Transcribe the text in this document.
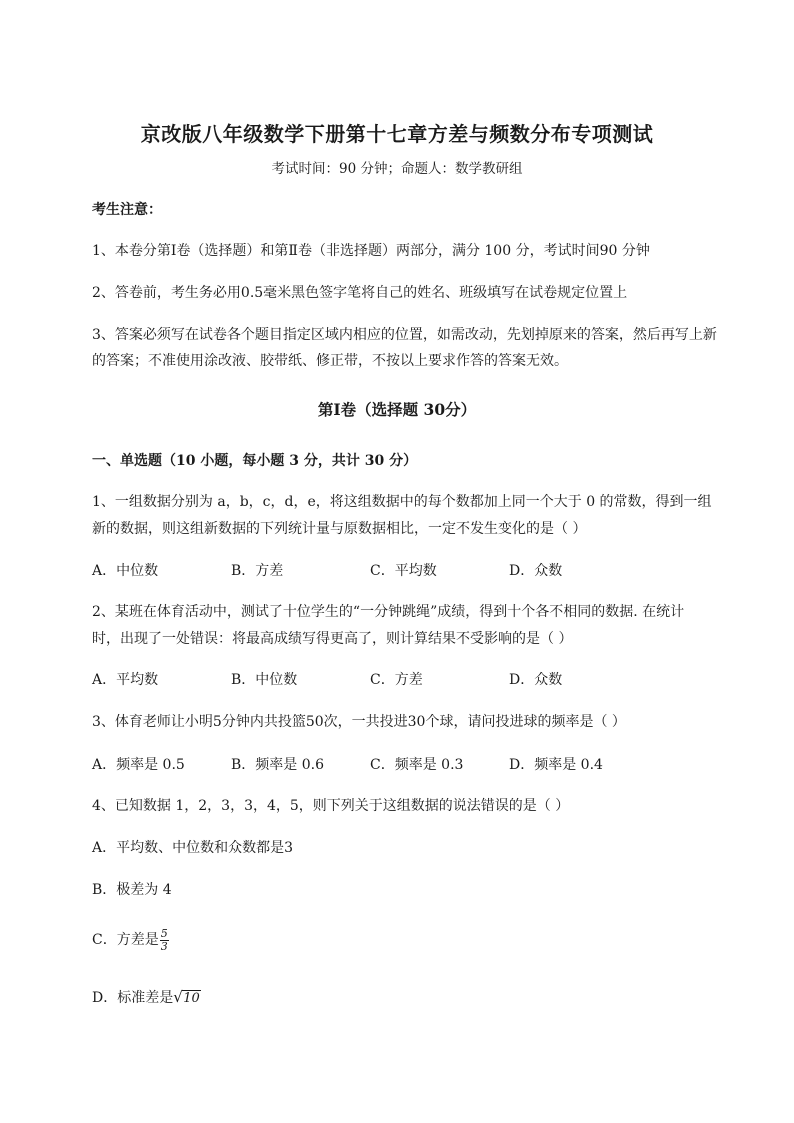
京改版八年级数学下册第十七章方差与频数分布专项测试
考试时间：90 分钟；命题人：数学教研组
考生注意：
1、本卷分第Ⅰ卷（选择题）和第Ⅱ卷（非选择题）两部分，满分 100 分，考试时间90 分钟
2、答卷前，考生务必用0.5毫米黑色签字笔将自己的姓名、班级填写在试卷规定位置上
3、答案必须写在试卷各个题目指定区域内相应的位置，如需改动，先划掉原来的答案，然后再写上新
的答案；不准使用涂改液、胶带纸、修正带，不按以上要求作答的答案无效。
第Ⅰ卷（选择题 30分）
一、单选题（10 小题，每小题 3 分，共计 30 分）
1、一组数据分别为 a，b，c，d，e，将这组数据中的每个数都加上同一个大于 0 的常数，得到一组
新的数据，则这组新数据的下列统计量与原数据相比，一定不发生变化的是（ ）
A．中位数	B．方差	C．平均数	D．众数
2、某班在体育活动中，测试了十位学生的“一分钟跳绳”成绩，得到十个各不相同的数据. 在统计
时，出现了一处错误：将最高成绩写得更高了，则计算结果不受影响的是（ ）
A．平均数	B．中位数	C．方差	D．众数
3、体育老师让小明5分钟内共投篮50次，一共投进30个球，请问投进球的频率是（ ）
A．频率是 0.5	B．频率是 0.6	C．频率是 0.3	D．频率是 0.4
4、已知数据 1，2，3，3，4，5，则下列关于这组数据的说法错误的是（ ）
A．平均数、中位数和众数都是3
B．极差为 4
C．方差是 $\frac{5}{3}$
D．标准差是 √ 10
